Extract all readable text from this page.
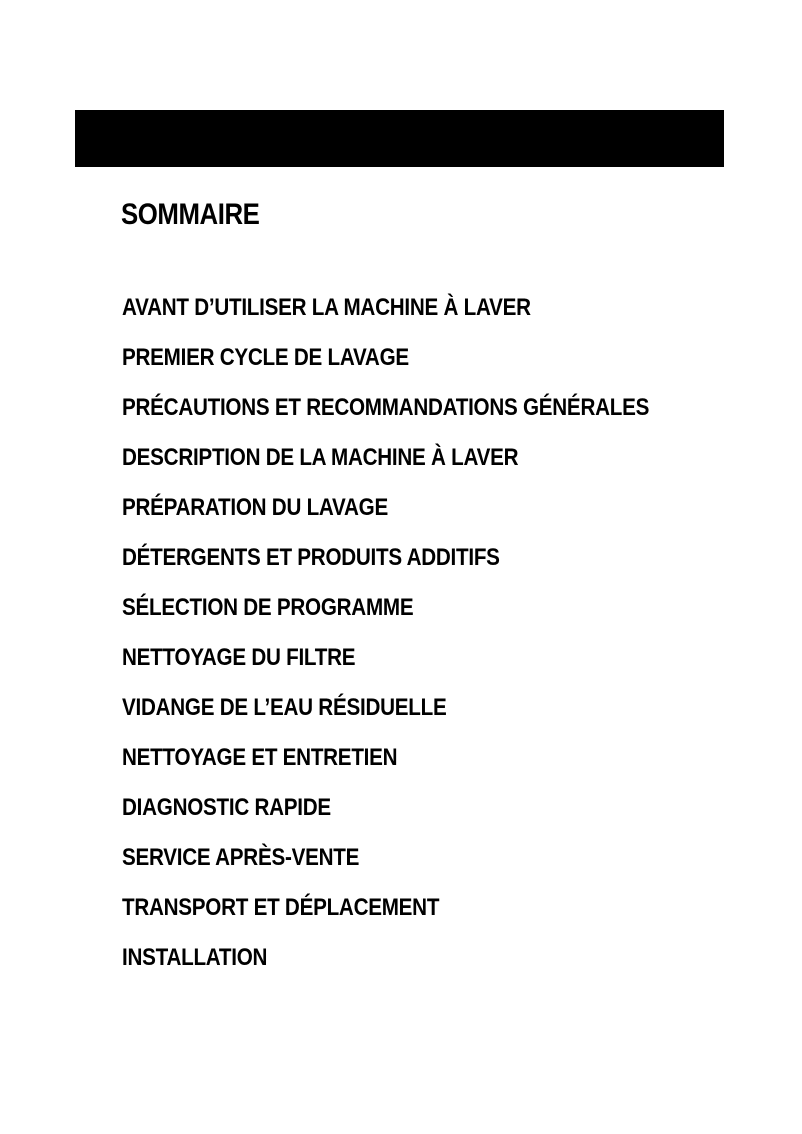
SOMMAIRE
AVANT D’UTILISER LA MACHINE À LAVER
PREMIER CYCLE DE LAVAGE
PRÉCAUTIONS ET RECOMMANDATIONS GÉNÉRALES
DESCRIPTION DE LA MACHINE À LAVER
PRÉPARATION DU LAVAGE
DÉTERGENTS ET PRODUITS ADDITIFS
SÉLECTION DE PROGRAMME
NETTOYAGE DU FILTRE
VIDANGE DE L’EAU RÉSIDUELLE
NETTOYAGE ET ENTRETIEN
DIAGNOSTIC RAPIDE
SERVICE APRÈS-VENTE
TRANSPORT ET DÉPLACEMENT
INSTALLATION
